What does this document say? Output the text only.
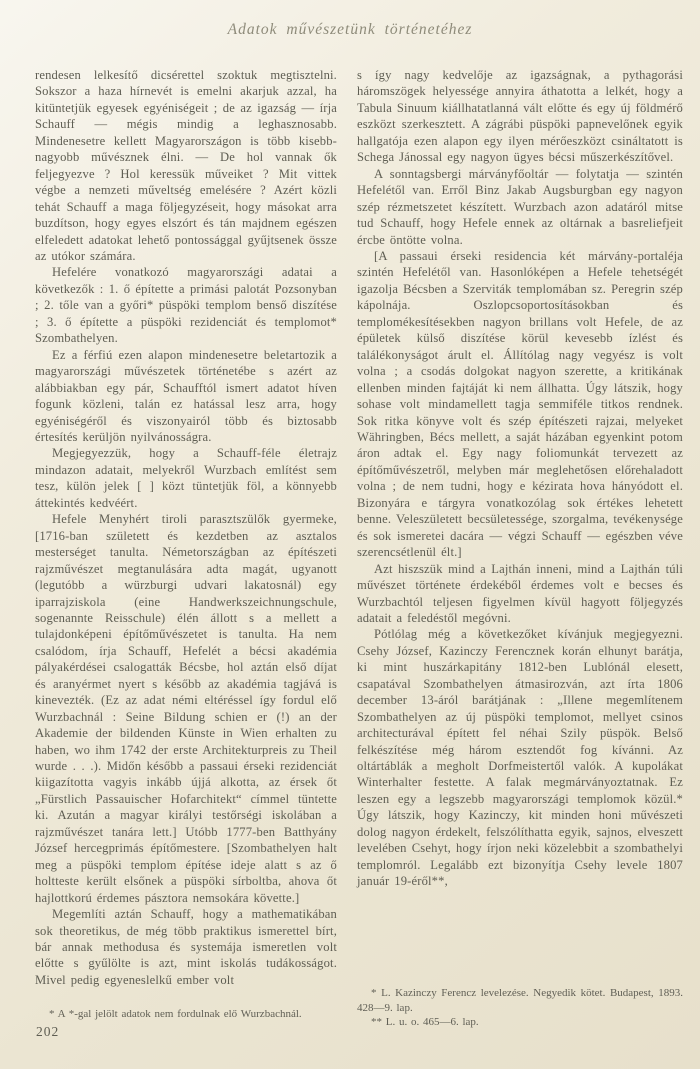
Adatok művészetünk történetéhez

rendesen lelkesítő dicsérettel szoktuk megtisztelni. Sokszor a haza hírnevét is emelni akarjuk azzal, ha kitüntetjük egyesek egyéniségeit ; de az igazság — írja Schauff — mégis mindig a leghasznosabb. Mindenesetre kellett Magyarországon is több kisebb-nagyobb művésznek élni. — De hol vannak ők feljegyezve ? Hol keressük műveiket ? Mit vittek végbe a nemzeti műveltség emelésére ? Azért közli tehát Schauff a maga följegyzéseit, hogy másokat arra buzdítson, hogy egyes elszórt és tán majdnem egészen elfeledett adatokat lehető pontossággal gyűjtsenek össze az utókor számára.

Hefelére vonatkozó magyarországi adatai a következők : 1. ő építette a primási palotát Pozsonyban ; 2. tőle van a győri* püspöki templom benső diszítése ; 3. ő építette a püspöki rezidenciát és templomot* Szombathelyen.

Ez a férfiú ezen alapon mindenesetre beletartozik a magyarországi művészetek történetébe s azért az alábbiakban egy pár, Schaufftól ismert adatot híven fogunk közleni, talán ez hatással lesz arra, hogy egyéniségéről és viszonyairól több és biztosabb értesítés kerüljön nyilvánosságra.

Megjegyezzük, hogy a Schauff-féle életrajz mindazon adatait, melyekről Wurzbach említést sem tesz, külön jelek [ ] közt tüntetjük föl, a könnyebb áttekintés kedvéért.

Hefele Menyhért tiroli parasztszülők gyermeke, [1716-ban született és kezdetben az asztalos mesterséget tanulta. Németországban az építészeti rajzművészet megtanulására adta magát, ugyanott (legutóbb a würzburgi udvari lakatosnál) egy iparrajziskola (eine Handwerkszeichnungschule, sogenannte Reisschule) élén állott s a mellett a tulajdonképeni építőművészetet is tanulta. Ha nem csalódom, írja Schauff, Hefelét a bécsi akadémia pályakérdései csalogatták Bécsbe, hol aztán első díjat és aranyérmet nyert s később az akadémia tagjává is kinevezték. (Ez az adat némi eltéréssel így fordul elő Wurzbachnál : Seine Bildung schien er (!) an der Akademie der bildenden Künste in Wien erhalten zu haben, wo ihm 1742 der erste Architekturpreis zu Theil wurde . . .). Midőn később a passaui érseki rezidenciát kiigazította vagyis inkább újjá alkotta, az érsek őt „Fürstlich Passauischer Hofarchitekt“ címmel tüntette ki. Azután a magyar királyi testőrségi iskolában a rajzművészet tanára lett.] Utóbb 1777-ben Batthyány József hercegprimás építőmestere. [Szombathelyen halt meg a püspöki templom építése ideje alatt s az ő holtteste került elsőnek a püspöki sírboltba, ahova őt hajlottkorú érdemes pásztora nemsokára követte.]

Megemlíti aztán Schauff, hogy a mathematikában sok theoretikus, de még több praktikus ismerettel bírt, bár annak methodusa és systemája ismeretlen volt előtte s gyűlölte is azt, mint iskolás tudákosságot. Mivel pedig egyeneslelkű ember volt

s így nagy kedvelője az igazságnak, a pythagorási háromszögek helyessége annyira áthatotta a lelkét, hogy a Tabula Sinuum kiállhatatlanná vált előtte és egy új földmérő eszközt szerkesztett. A zágrábi püspöki papnevelőnek egyik hallgatója ezen alapon egy ilyen mérőeszközt csináltatott is Schega Jánossal egy nagyon ügyes bécsi műszerkészítővel.

A sonntagsbergi márványfőoltár — folytatja — szintén Hefelétől van. Erről Binz Jakab Augsburgban egy nagyon szép rézmetszetet készített. Wurzbach azon adatáról mitse tud Schauff, hogy Hefele ennek az oltárnak a basreliefjeit ércbe öntötte volna.

[A passaui érseki residencia két márvány-portaléja szintén Hefelétől van. Hasonlóképen a Hefele tehetségét igazolja Bécsben a Szerviták templomában sz. Peregrin szép kápolnája. Oszlopcsoportosításokban és templomékesítésekben nagyon brillans volt Hefele, de az épületek külső diszítése körül kevesebb ízlést és találékonyságot árult el. Állítólag nagy vegyész is volt volna ; a csodás dolgokat nagyon szerette, a kritikának ellenben minden fajtáját ki nem állhatta. Úgy látszik, hogy sohase volt mindamellett tagja semmiféle titkos rendnek. Sok ritka könyve volt és szép építészeti rajzai, melyeket Währingben, Bécs mellett, a saját házában egyenkint potom áron adtak el. Egy nagy foliomunkát tervezett az építőművészetről, melyben már meglehetősen előrehaladott volna ; de nem tudni, hogy e kézirata hova hányódott el. Bizonyára e tárgyra vonatkozólag sok értékes lehetett benne. Veleszületett becsületessége, szorgalma, tevékenysége és sok ismeretei dacára — végzi Schauff — egészben véve szerencsétlenül élt.]

Azt hiszszük mind a Lajthán inneni, mind a Lajthán túli művészet története érdekéből érdemes volt e becses és Wurzbachtól teljesen figyelmen kívül hagyott följegyzés adatait a feledéstől megóvni.

Pótlólag még a következőket kívánjuk megjegyezni. Csehy József, Kazinczy Ferencznek korán elhunyt barátja, ki mint huszárkapitány 1812-ben Lublónál elesett, csapatával Szombathelyen átmasirozván, azt írta 1806 december 13-áról barátjának : „Illene megemlítenem Szombathelyen az új püspöki templomot, mellyet csinos architecturával épített fel néhai Szily püspök. Belső felkészítése még három esztendőt fog kívánni. Az oltártáblák a megholt Dorfmeistertől valók. A kupolákat Winterhalter festette. A falak megmárványoztatnak. Ez leszen egy a legszebb magyarországi templomok közül.* Úgy látszik, hogy Kazinczy, kit minden honi művészeti dolog nagyon érdekelt, felszólíthatta egyik, sajnos, elveszett levelében Csehyt, hogy írjon neki közelebbit a szombathelyi templomról. Legalább ezt bizonyítja Csehy levele 1807 január 19-éről**,

* A *-gal jelölt adatok nem fordulnak elő Wurzbachnál.

* L. Kazinczy Ferencz levelezése. Negyedik kötet. Budapest, 1893. 428—9. lap.

** L. u. o. 465—6. lap.

202
